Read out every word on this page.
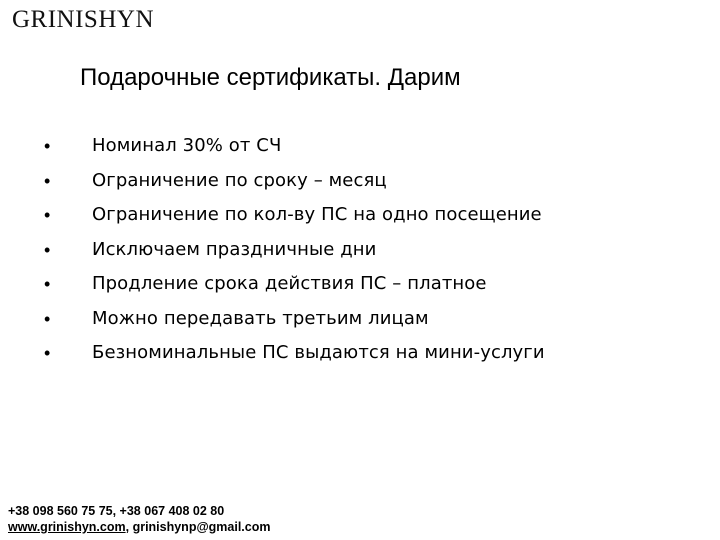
GRINISHYN
Подарочные сертификаты. Дарим
• Номинал 30% от СЧ
• Ограничение по сроку – месяц
• Ограничение по кол-ву ПС на одно посещение
• Исключаем праздничные дни
• Продление срока действия ПС – платное
• Можно передавать третьим лицам
• Безноминальные ПС выдаются на мини-услуги
+38 098 560 75 75, +38 067 408 02 80
www.grinishyn.com, grinishynp@gmail.com
